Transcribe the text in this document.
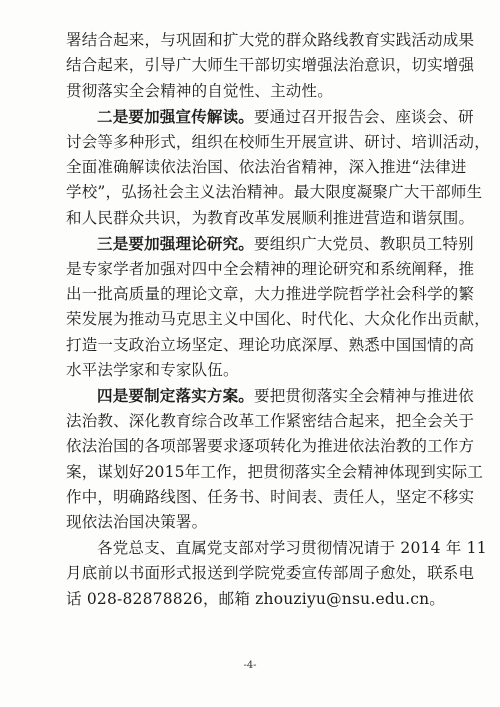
署结合起来，与巩固和扩大党的群众路线教育实践活动成果
结合起来，引导广大师生干部切实增强法治意识，切实增强
贯彻落实全会精神的自觉性、主动性。
二是要加强宣传解读。要通过召开报告会、座谈会、研
讨会等多种形式，组织在校师生开展宣讲、研讨、培训活动，
全面准确解读依法治国、依法治省精神，深入推进“法律进
学校”，弘扬社会主义法治精神。最大限度凝聚广大干部师生
和人民群众共识，为教育改革发展顺利推进营造和谐氛围。
三是要加强理论研究。要组织广大党员、教职员工特别
是专家学者加强对四中全会精神的理论研究和系统阐释，推
出一批高质量的理论文章，大力推进学院哲学社会科学的繁
荣发展为推动马克思主义中国化、时代化、大众化作出贡献，
打造一支政治立场坚定、理论功底深厚、熟悉中国国情的高
水平法学家和专家队伍。
四是要制定落实方案。要把贯彻落实全会精神与推进依
法治教、深化教育综合改革工作紧密结合起来，把全会关于
依法治国的各项部署要求逐项转化为推进依法治教的工作方
案，谋划好2015年工作，把贯彻落实全会精神体现到实际工
作中，明确路线图、任务书、时间表、责任人，坚定不移实
现依法治国决策署。
各党总支、直属党支部对学习贯彻情况请于 2014 年 11
月底前以书面形式报送到学院党委宣传部周子愈处，联系电
话 028-82878826，邮箱 zhouziyu@nsu.edu.cn。
-4-
